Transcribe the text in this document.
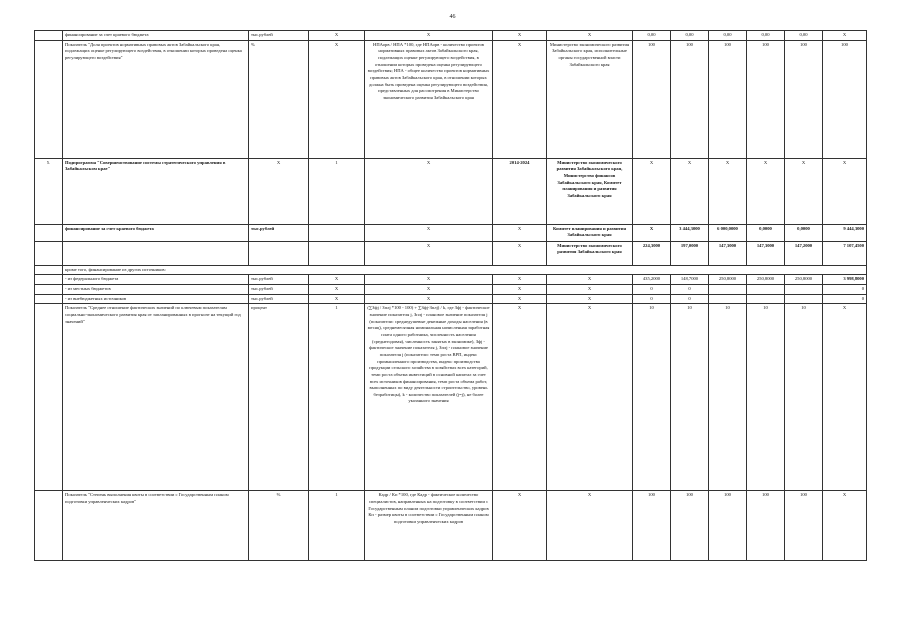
46
	финансирование за счет краевого бюджета	тыс.рублей	Х	Х	Х	Х	0,00	0,00	0,00	0,00	0,00	Х
	Показатель "Доля проектов нормативных правовых актов Забайкальского края, подлежащих оценке регулирующего воздействия, в отношении которых проведена оценка регулирующего воздействия"	%	Х	НПАорв / НПА *100, где НПАорв - количество проектов нормативных правовых актов Забайкальского края, подлежащих оценке регулирующего воздействия, в отношении которых проведена оценка регулирующего воздействия; НПА - общее количество проектов нормативных правовых актов Забайкальского края, в отношении которых должна быть проведена оценка регулирующего воздействия, представленных для рассмотрения в Министерство экономического развития Забайкальского края	Х	Министерство экономического развития Забайкальского края, исполнительные органы государственной власти Забайкальского края	100	100	100	100	100	100
5.	Подпрограмма "Совершенствование системы стратегического управления в Забайкальском крае"	Х	1	Х	2014-2024	Министерство экономического развития Забайкальского края, Министерство финансов Забайкальского края, Комитет планирования и развития Забайкальского края	Х	Х	Х	Х	Х	Х
	финансирование за счет краевого бюджета	тыс.рублей		Х	Х	Комитет планирования и развития Забайкальского края	Х	3 444,3000	6 000,0000	0,0000	0,0000	9 444,3000
				Х	Х	Министерство экономического развития Забайкальского края	224,3000	197,0000	147,3000	147,3000	147,2000	7 107,4500
	кроме того, финансирование из других источников:											
	- из федерального бюджета	тыс.рублей	Х	Х	Х	Х	435,2000	148,7000	250,8000	250,8000	250,8000	3 998,8000
	- из местных бюджетов	тыс.рублей	Х	Х	Х	Х	0	0				0
	- из внебюджетных источников	тыс.рублей	Х	Х	Х	Х	0	0				0
	Показатель "Среднее отношение фактических значений по ключевым показателям социально-экономического развития края от запланированных в прогнозе на текущий год значений"	процент	1	(∑Зфj / Зплj *100 - 100) + ∑Зфj-Зплj) / k, где Зфj - фактическое значение показателя j, Зплj - плановое значение показателя j (показатели: среднедушевые денежные доходы населения (в месяц), среднемесячная номинальная начисленная заработная плата одного работника, численность населения (среднегодовая), численность занятых в экономике), Зфj - фактическое значение показателя j, Зплj - плановое значение показателя j (показатели: темп роста ВРП, индекс промышленного производства, индекс производства продукции сельского хозяйства в хозяйствах всех категорий, темп роста объема инвестиций в основной капитал за счет всех источников финансирования, темп роста объема работ, выполненных по виду деятельности строительство, уровень безработицы), k - количество показателей (j=j), не более указанного значения	Х	Х	10	10	10	10	10	Х
	Показатель "Степень выполнения квоты в соответствии с Государственным планом подготовки управленческих кадров"	%	1	Кадр / Кп *100, где Кадр - фактическое количество специалистов, направленных на подготовку в соответствии с Государственным планом подготовки управленческих кадров Кп - размер квоты в соответствии с Государственным планом подготовки управленческих кадров	Х	Х	100	100	100	100	100	Х
